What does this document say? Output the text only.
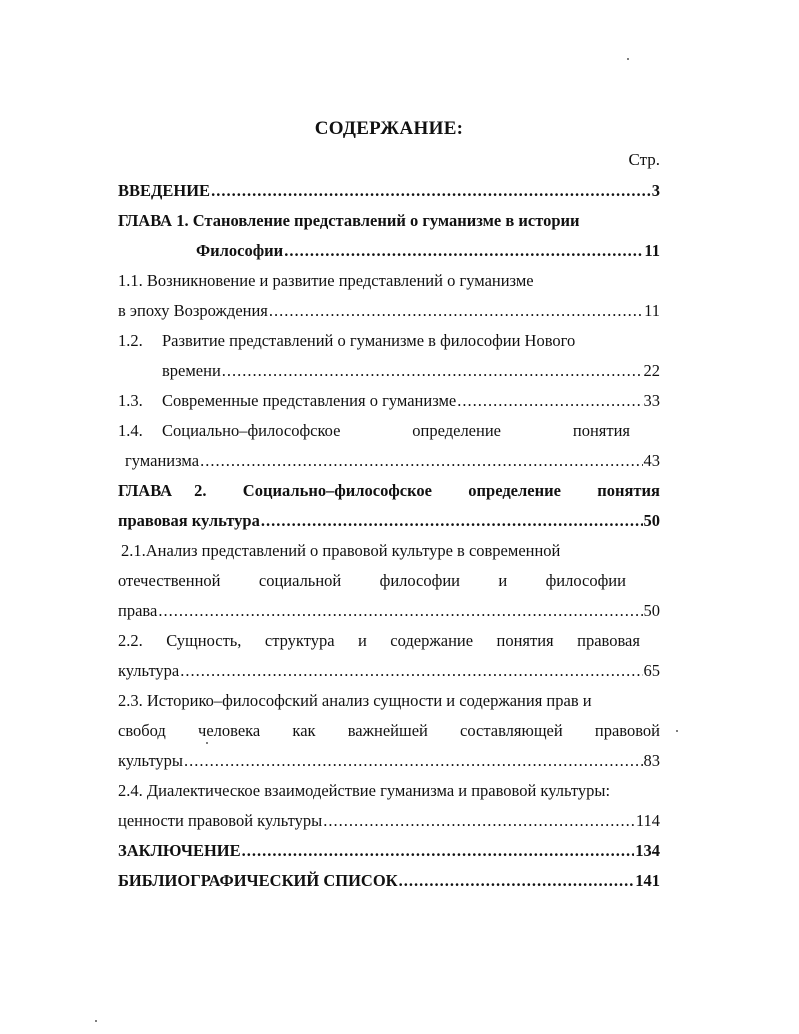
СОДЕРЖАНИЕ:
Стр.
ВВЕДЕНИЕ .....	3
ГЛАВА 1. Становление представлений о гуманизме в истории
Философии .....	11
1.1. Возникновение и развитие представлений о гуманизме
в эпоху Возрождения .....	11
1.2. Развитие представлений о гуманизме в философии Нового
времени .....	22
1.3. Современные представления о гуманизме .....	33
1.4.	Социально–философское	определение	понятия
гуманизма .....	43
ГЛАВА 2. Социально–философское определение понятия
правовая культура .....	50
2.1.Анализ представлений о правовой культуре в современной
отечественной социальной философии и философии
права .....	50
2.2. Сущность, структура и содержание понятия правовая
культура .....	65
2.3. Историко–философский анализ сущности и содержания прав и
свобод человека как важнейшей составляющей правовой
культуры .....	83
2.4. Диалектическое взаимодействие гуманизма и правовой культуры:
ценности правовой культуры .....	114
ЗАКЛЮЧЕНИЕ .....	134
БИБЛИОГРАФИЧЕСКИЙ СПИСОК .....	141
